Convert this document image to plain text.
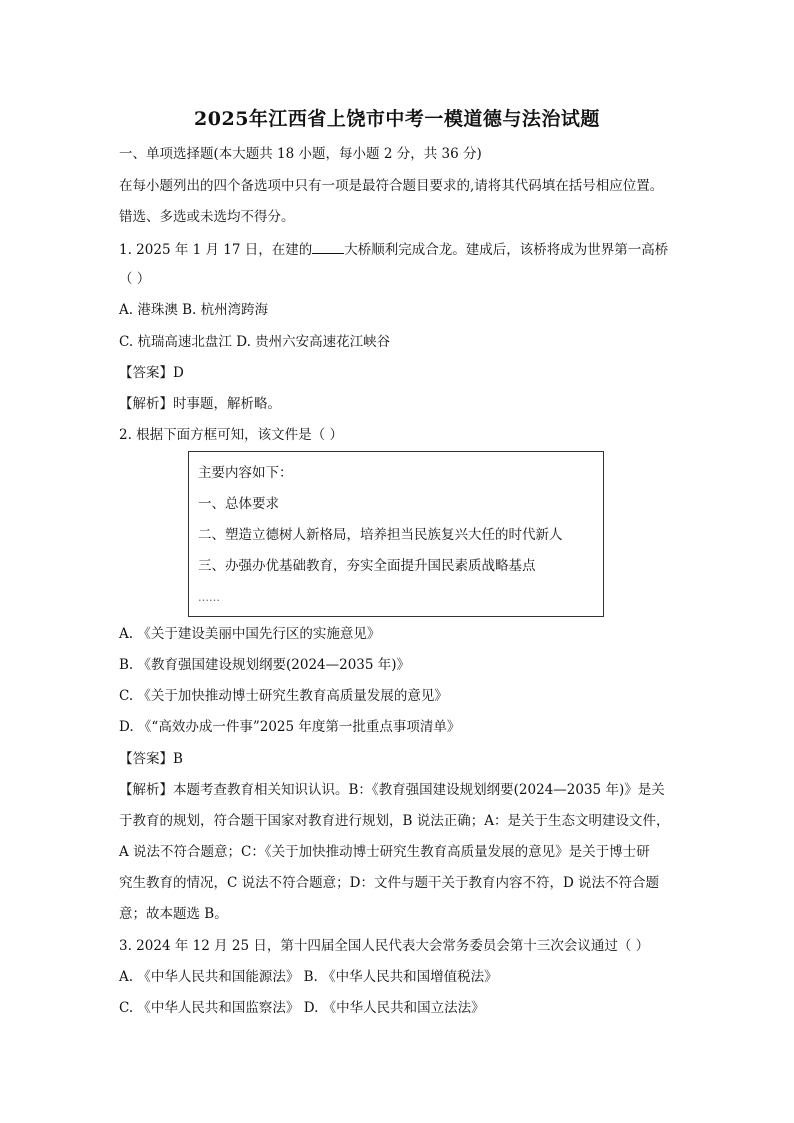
2025年江西省上饶市中考一模道德与法治试题
一、单项选择题(本大题共 18 小题，每小题 2 分，共 36 分)
在每小题列出的四个备选项中只有一项是最符合题目要求的,请将其代码填在括号相应位置。
错选、多选或未选均不得分。
1. 2025 年 1 月 17 日，在建的 大桥顺利完成合龙。建成后，该桥将成为世界第一高桥
（ ）
A. 港珠澳 B. 杭州湾跨海
C. 杭瑞高速北盘江 D. 贵州六安高速花江峡谷
【答案】D
【解析】时事题，解析略。
2. 根据下面方框可知，该文件是（ ）
主要内容如下：
一、总体要求
二、塑造立德树人新格局，培养担当民族复兴大任的时代新人
三、办强办优基础教育，夯实全面提升国民素质战略基点
……
A. 《关于建设美丽中国先行区的实施意见》
B. 《教育强国建设规划纲要(2024—2035 年)》
C. 《关于加快推动博士研究生教育高质量发展的意见》
D. 《“高效办成一件事”2025 年度第一批重点事项清单》
【答案】B
【解析】本题考查教育相关知识认识。B：《教育强国建设规划纲要(2024—2035 年)》是关
于教育的规划，符合题干国家对教育进行规划，B 说法正确；A：是关于生态文明建设文件，
A 说法不符合题意；C：《关于加快推动博士研究生教育高质量发展的意见》是关于博士研
究生教育的情况，C 说法不符合题意；D：文件与题干关于教育内容不符，D 说法不符合题
意；故本题选 B。
3. 2024 年 12 月 25 日，第十四届全国人民代表大会常务委员会第十三次会议通过（ ）
A. 《中华人民共和国能源法》 B. 《中华人民共和国增值税法》
C. 《中华人民共和国监察法》 D. 《中华人民共和国立法法》
